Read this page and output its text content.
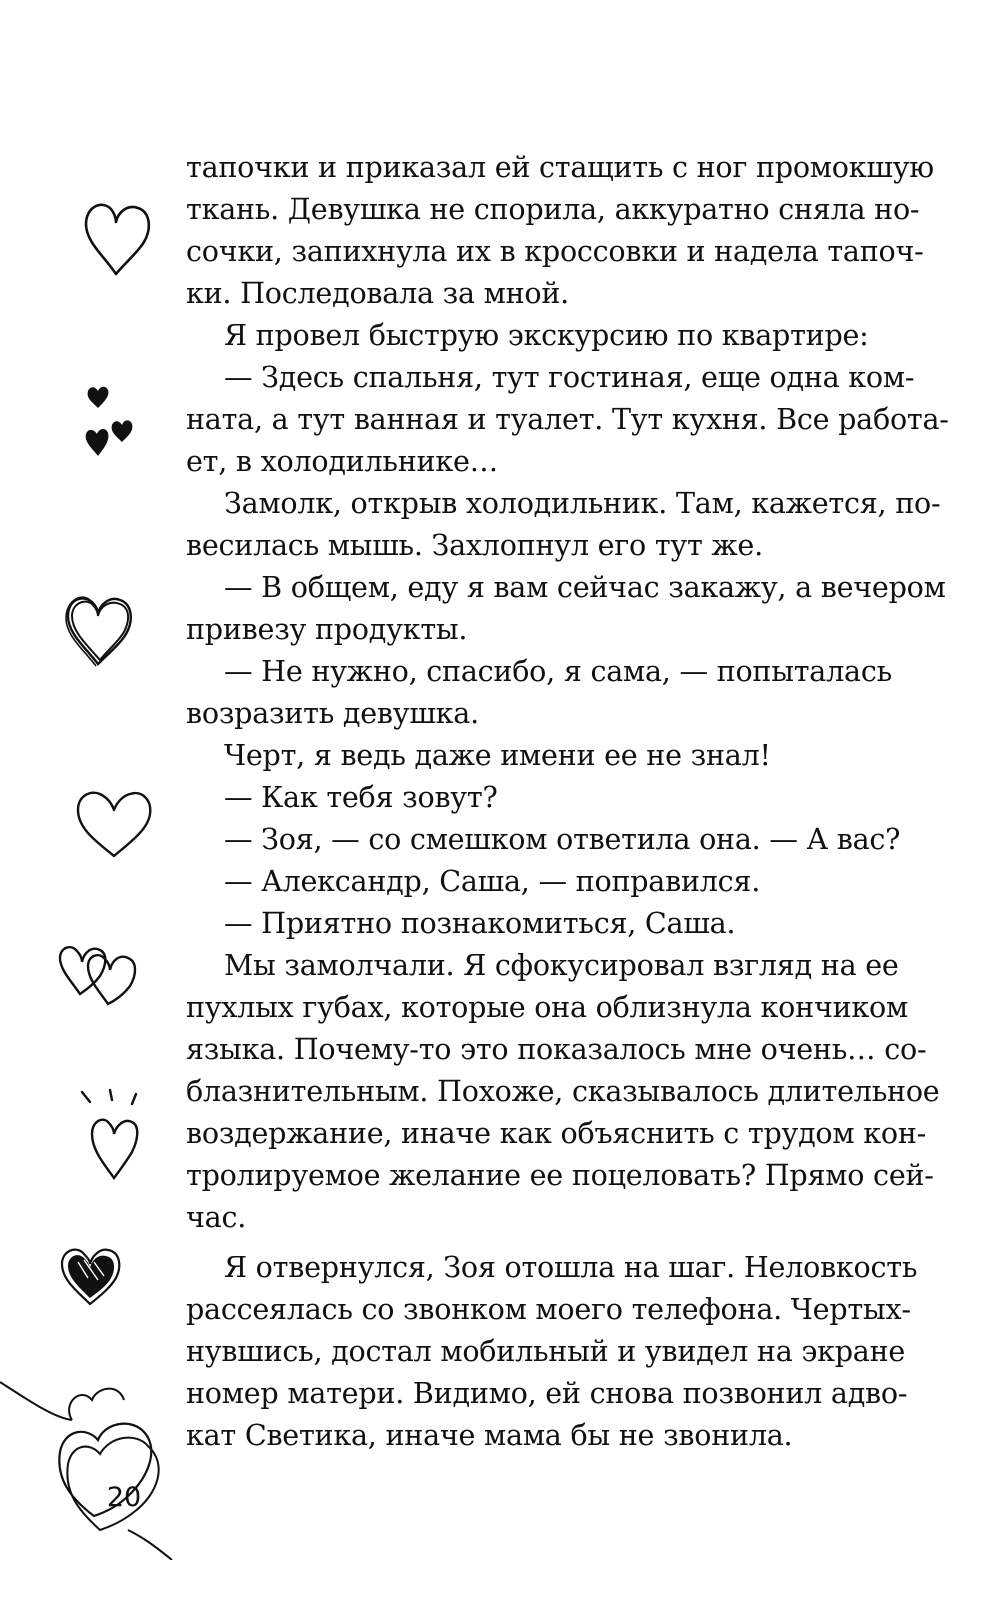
тапочки и приказал ей стащить с ног промокшую
ткань. Девушка не спорила, аккуратно сняла но-
сочки, запихнула их в кроссовки и надела тапоч-
ки. Последовала за мной.
Я провел быструю экскурсию по квартире:
— Здесь спальня, тут гостиная, еще одна ком-
ната, а тут ванная и туалет. Тут кухня. Все работа-
ет, в холодильнике…
Замолк, открыв холодильник. Там, кажется, по-
весилась мышь. Захлопнул его тут же.
— В общем, еду я вам сейчас закажу, а вечером
привезу продукты.
— Не нужно, спасибо, я сама, — попыталась
возразить девушка.
Черт, я ведь даже имени ее не знал!
— Как тебя зовут?
— Зоя, — со смешком ответила она. — А вас?
— Александр, Саша, — поправился.
— Приятно познакомиться, Саша.
Мы замолчали. Я сфокусировал взгляд на ее
пухлых губах, которые она облизнула кончиком
языка. Почему-то это показалось мне очень… со-
блазнительным. Похоже, сказывалось длительное
воздержание, иначе как объяснить с трудом кон-
тролируемое желание ее поцеловать? Прямо сей-
час.
Я отвернулся, Зоя отошла на шаг. Неловкость
рассеялась со звонком моего телефона. Чертых-
нувшись, достал мобильный и увидел на экране
номер матери. Видимо, ей снова позвонил адво-
кат Светика, иначе мама бы не звонила.
20
